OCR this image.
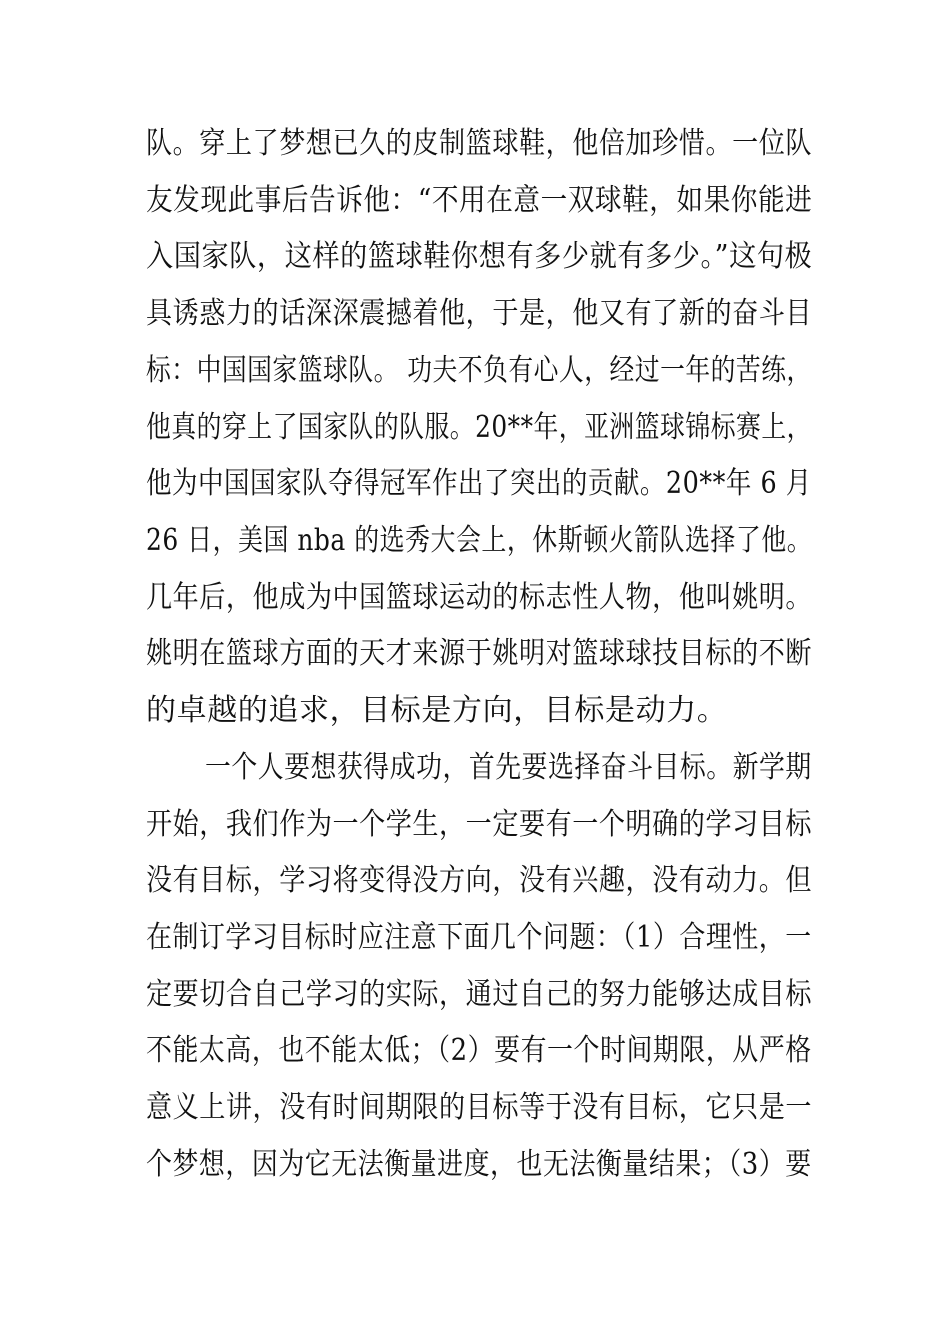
队。穿上了梦想已久的皮制篮球鞋，他倍加珍惜。一位队
友发现此事后告诉他：“不用在意一双球鞋，如果你能进
入国家队，这样的篮球鞋你想有多少就有多少。”这句极
具诱惑力的话深深震撼着他，于是，他又有了新的奋斗目
标：中国国家篮球队。 功夫不负有心人，经过一年的苦练，
他真的穿上了国家队的队服。20**年，亚洲篮球锦标赛上，
他为中国国家队夺得冠军作出了突出的贡献。20**年 6 月
26 日，美国 nba 的选秀大会上，休斯顿火箭队选择了他。
几年后，他成为中国篮球运动的标志性人物，他叫姚明。
姚明在篮球方面的天才来源于姚明对篮球球技目标的不断
的卓越的追求，目标是方向，目标是动力。
一个人要想获得成功，首先要选择奋斗目标。新学期
开始，我们作为一个学生，一定要有一个明确的学习目标
没有目标，学习将变得没方向，没有兴趣，没有动力。但
在制订学习目标时应注意下面几个问题：（1）合理性，一
定要切合自己学习的实际，通过自己的努力能够达成目标
不能太高，也不能太低；（2）要有一个时间期限，从严格
意义上讲，没有时间期限的目标等于没有目标，它只是一
个梦想，因为它无法衡量进度，也无法衡量结果；（3）要
